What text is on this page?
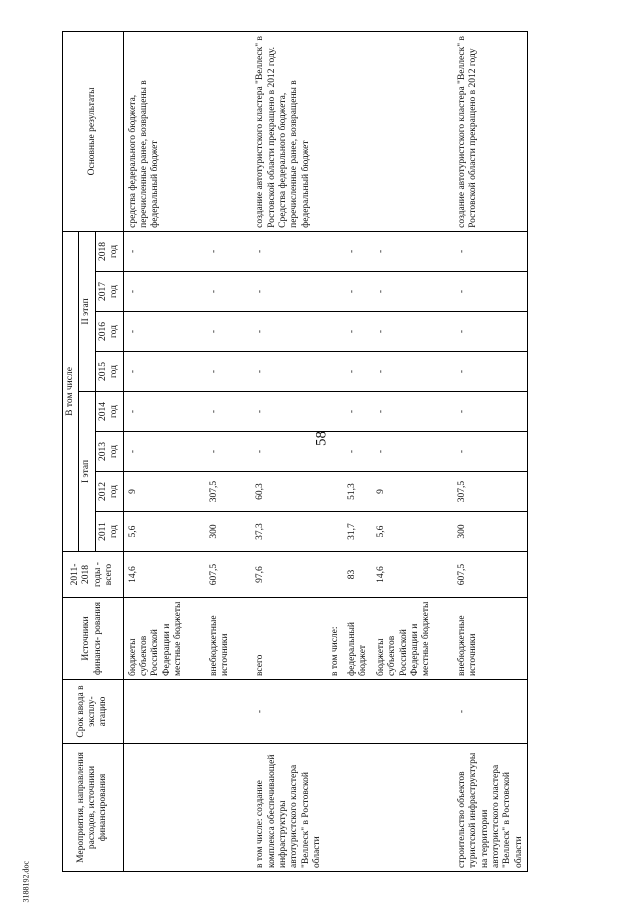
58
3188192.doc
Мероприятия, направления расходов, источники финансирования	Срок ввода в эксплу- атацию	Источники финанси- рования	2011-2018 годы - всего	В том числе								Основные результаты
				I этап				II этап				
				2011 год	2012 год	2013 год	2014 год	2015 год	2016 год	2017 год	2018 год	
		бюджеты субъектов Российской Федерации и местные бюджеты	14,6	5,6	9	-	-	-	-	-	-	средства федерального бюджета, перечисленные ранее, возвращены в федеральный бюджет
		внебюджетные источники	607,5	300	307,5	-	-	-	-	-	-	
в том числе: создание комплекса обеспечивающей инфраструктуры автотуристского кластера "Веллеск" в Ростовской области	-	всего	97,6	37,3	60,3	-	-	-	-	-	-	создание автотуристского кластера "Веллеск" в Ростовской области прекращено в 2012 году. Средства федерального бюджета, перечисленные ранее, возвращены в федеральный бюджет
		в том числе:										
		федеральный бюджет	83	31,7	51,3	-	-	-	-	-	-	
		бюджеты субъектов Российской Федерации и местные бюджеты	14,6	5,6	9	-	-	-	-	-	-	
строительство объектов туристской инфраструктуры на территории автотуристского кластера "Веллеск" в Ростовской области	-	внебюджетные источники	607,5	300	307,5	-	-	-	-	-	-	создание автотуристского кластера "Веллеск" в Ростовской области прекращено в 2012 году
